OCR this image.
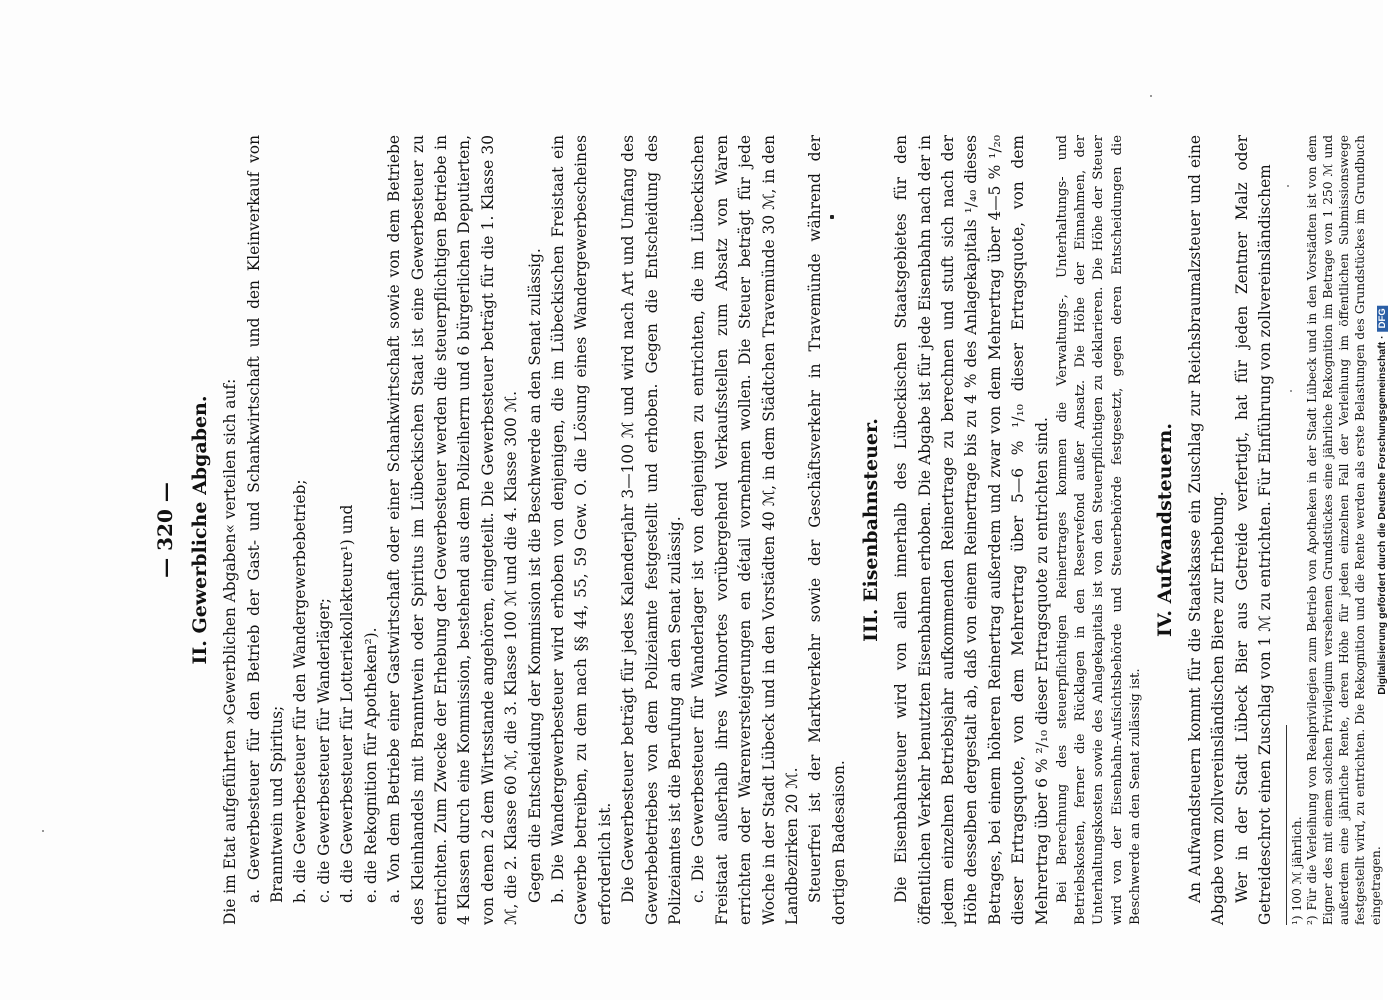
— 320 — II. Gewerbliche Abgaben. Die im Etat aufgeführten »Gewerblichen Abgaben« verteilen sich auf: a. Gewerbesteuer für den Betrieb der Gast- und Schankwirtschaft und den Kleinverkauf von Branntwein und Spiritus; b. die Gewerbesteuer für den Wandergewerbebetrieb; c. die Gewerbesteuer für Wanderläger; d. die Gewerbesteuer für Lotteriekollekteure¹) und e. die Rekognition für Apotheken²). a. Von dem Betriebe einer Gastwirtschaft oder einer Schankwirtschaft sowie von dem Betriebe des Kleinhandels mit Branntwein oder Spiritus im Lübeckischen Staat ist eine Gewerbesteuer zu entrichten. Zum Zwecke der Erhebung der Gewerbesteuer werden die steuerpflichtigen Betriebe in 4 Klassen durch eine Kommission, bestehend aus dem Polizeiherrn und 6 bürgerlichen Deputierten, von denen 2 dem Wirtsstande angehören, eingeteilt. Die Gewerbesteuer beträgt für die 1. Klasse 30 ℳ, die 2. Klasse 60 ℳ, die 3. Klasse 100 ℳ und die 4. Klasse 300 ℳ. Gegen die Entscheidung der Kommission ist die Beschwerde an den Senat zulässig. b. Die Wandergewerbesteuer wird erhoben von denjenigen, die im Lübeckischen Freistaat ein Gewerbe betreiben, zu dem nach §§ 44, 55, 59 Gew. O. die Lösung eines Wandergewerbescheines erforderlich ist. Die Gewerbesteuer beträgt für jedes Kalenderjahr 3—100 ℳ und wird nach Art und Umfang des Gewerbebetriebes von dem Polizeiamte festgestellt und erhoben. Gegen die Entscheidung des Polizeiamtes ist die Berufung an den Senat zulässig. c. Die Gewerbesteuer für Wanderlager ist von denjenigen zu entrichten, die im Lübeckischen Freistaat außerhalb ihres Wohnortes vorübergehend Verkaufsstellen zum Absatz von Waren errichten oder Warenversteigerungen en détail vornehmen wollen. Die Steuer beträgt für jede Woche in der Stadt Lübeck und in den Vorstädten 40 ℳ, in dem Städtchen Travemünde 30 ℳ, in den Landbezirken 20 ℳ. Steuerfrei ist der Marktverkehr sowie der Geschäftsverkehr in Travemünde während der dortigen Badesaison.

III. Eisenbahnsteuer. Die Eisenbahnsteuer wird von allen innerhalb des Lübeckischen Staatsgebietes für den öffentlichen Verkehr benutzten Eisenbahnen erhoben. Die Abgabe ist für jede Eisenbahn nach der in jedem einzelnen Betriebsjahr aufkommenden Reinertrage zu berechnen und stuft sich nach der Höhe desselben dergestalt ab, daß von einem Reinertrage bis zu 4 % des Anlagekapitals ¹/₄₀ dieses Betrages, bei einem höheren Reinertrag außerdem und zwar von dem Mehrertrag über 4—5 % ¹/₂₀ dieser Ertragsquote, von dem Mehrertrag über 5—6 % ¹/₁₀ dieser Ertragsquote, von dem Mehrertrag über 6 % ²/₁₀ dieser Ertragsquote zu entrichten sind. Bei Berechnung des steuerpflichtigen Reinertrages kommen die Verwaltungs-, Unterhaltungs- und Betriebskosten, ferner die Rücklagen in den Reservefond außer Ansatz. Die Höhe der Einnahmen, der Unterhaltungskosten sowie des Anlagekapitals ist von den Steuerpflichtigen zu deklarieren. Die Höhe der Steuer wird von der Eisenbahn-Aufsichtsbehörde und Steuerbehörde festgesetzt, gegen deren Entscheidungen die Beschwerde an den Senat zulässig ist.

IV. Aufwandsteuern. An Aufwandsteuern kommt für die Staatskasse ein Zuschlag zur Reichsbraumalzsteuer und eine Abgabe vom zollvereinsländischen Biere zur Erhebung. Wer in der Stadt Lübeck Bier aus Getreide verfertigt, hat für jeden Zentner Malz oder Getreideschrot einen Zuschlag von 1 ℳ zu entrichten. Für Einführung von zollvereinsländischem ¹) 100 ℳ jährlich. ²) Für die Verleihung von Realprivilegien zum Betrieb von Apotheken in der Stadt Lübeck und in den Vorstädten ist von dem Eigner des mit einem solchen Privilegium versehenen Grundstückes eine jährliche Rekognition im Betrage von 1 250 ℳ und außerdem eine jährliche Rente, deren Höhe für jeden einzelnen Fall der Verleihung im öffentlichen Submissionswege festgestellt wird, zu entrichten. Die Rekognition und die Rente werden als erste Belastungen des Grundstückes im Grundbuch eingetragen.

Digitalisierung gefördert durch die Deutsche Forschungsgemeinschaft ·DFG
